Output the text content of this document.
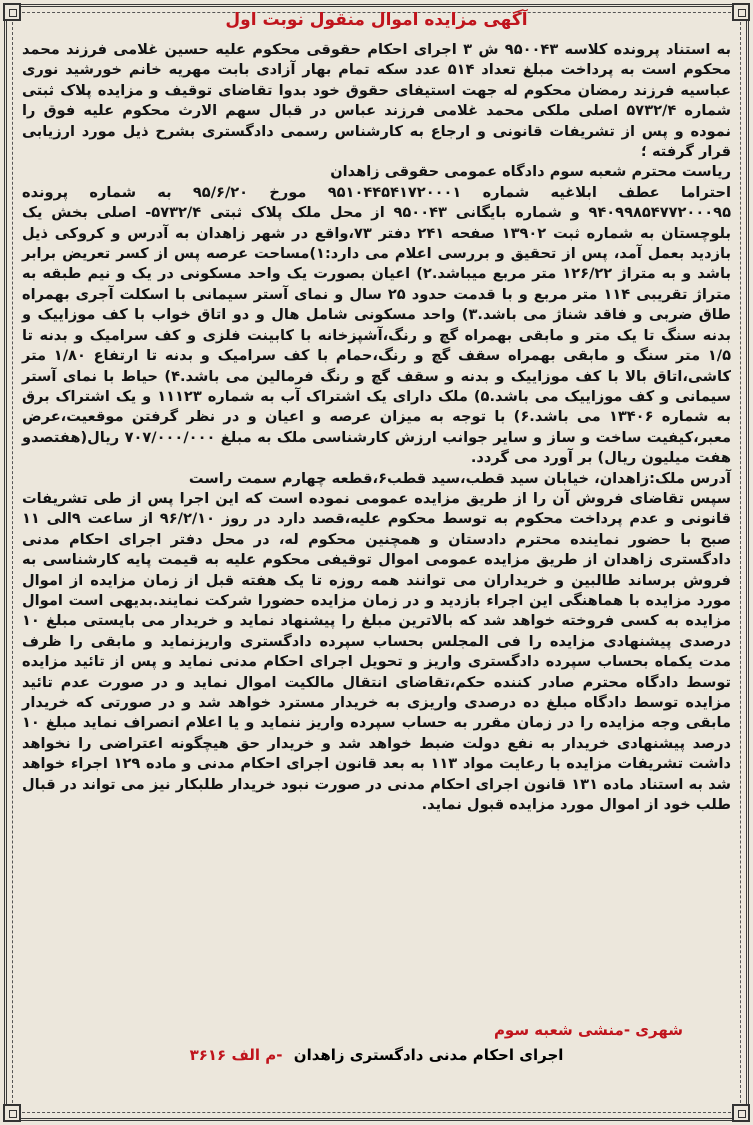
آگهی مزایده اموال منقول نوبت اول

به استناد پرونده کلاسه ۹۵۰۰۴۳ ش ۳ اجرای احکام حقوقی محکوم علیه حسین غلامی فرزند محمد محکوم است به پرداخت مبلغ تعداد ۵۱۴ عدد سکه تمام بهار آزادی بابت مهریه خانم خورشید نوری عباسیه فرزند رمضان محکوم له جهت استیفای حقوق خود بدوا تقاضای توقیف و مزایده پلاک ثبتی شماره ۵۷۳۲/۴ اصلی ملکی محمد غلامی فرزند عباس در قبال سهم الارث محکوم علیه فوق را نموده و پس از تشریفات قانونی و ارجاع به کارشناس رسمی دادگستری بشرح ذیل مورد ارزیابی قرار گرفته ؛

ریاست محترم شعبه سوم دادگاه عمومی حقوقی زاهدان

احتراما عطف ابلاغیه شماره ۹۵۱۰۴۴۵۴۱۷۲۰۰۰۱ مورخ ۹۵/۶/۲۰ به شماره پرونده ۹۴۰۹۹۸۵۴۷۷۲۰۰۰۹۵ و شماره بایگانی ۹۵۰۰۴۳ از محل ملک پلاک ثبتی ۵۷۳۲/۴- اصلی بخش یک بلوچستان به شماره ثبت ۱۳۹۰۲ صفحه ۲۴۱ دفتر ۷۳،واقع در شهر زاهدان به آدرس و کروکی ذیل بازدید بعمل آمد، پس از تحقیق و بررسی اعلام می دارد:۱)مساحت عرصه پس از کسر تعریض برابر باشد و به متراژ ۱۲۶/۲۲ متر مربع میباشد.۲) اعیان بصورت یک واحد مسکونی در یک و نیم طبقه به متراژ تقریبی ۱۱۴ متر مربع و با قدمت حدود ۲۵ سال و نمای آستر سیمانی با اسکلت آجری بهمراه طاق ضربی و فاقد شناژ می باشد.۳) واحد مسکونی شامل هال و دو اتاق خواب با کف موزاییک و بدنه سنگ تا یک متر و مابقی بهمراه گچ و رنگ،آشپزخانه با کابینت فلزی و کف سرامیک و بدنه تا ۱/۵ متر سنگ و مابقی بهمراه سقف گچ و رنگ،حمام با کف سرامیک و بدنه تا ارتفاع ۱/۸۰ متر کاشی،اتاق بالا با کف موزاییک و بدنه و سقف گچ و رنگ فرمالین می باشد.۴) حیاط با نمای آستر سیمانی و کف موزاییک می باشد.۵) ملک دارای یک اشتراک آب به شماره ۱۱۱۲۳ و یک اشتراک برق به شماره ۱۳۴۰۶ می باشد.۶) با توجه به میزان عرصه و اعیان و در نظر گرفتن موقعیت،عرض معبر،کیفیت ساخت و ساز و سایر جوانب ارزش کارشناسی ملک به مبلغ ۷۰۷/۰۰۰/۰۰۰ ریال(هفتصدو هفت میلیون ریال) بر آورد می گردد.

آدرس ملک:زاهدان، خیابان سید قطب،سید قطب۶،قطعه چهارم سمت راست

سپس تقاضای فروش آن را از طریق مزایده عمومی نموده است که این اجرا پس از طی تشریفات قانونی و عدم پرداخت محکوم به توسط محکوم علیه،قصد دارد در روز ۹۶/۲/۱۰ از ساعت ۹الی ۱۱ صبح با حضور نماینده محترم دادستان و همچنین محکوم له، در محل دفتر اجرای احکام مدنی دادگستری زاهدان از طریق مزایده عمومی اموال توقیفی محکوم علیه به قیمت پایه کارشناسی به فروش برساند طالبین و خریداران می توانند همه روزه تا یک هفته قبل از زمان مزایده از اموال مورد مزایده با هماهنگی این اجراء بازدید و در زمان مزایده حضورا شرکت نمایند.بدیهی است اموال مزایده به کسی فروخته خواهد شد که بالاترین مبلغ را پیشنهاد نماید و خریدار می بایستی مبلغ ۱۰ درصدی پیشنهادی مزایده را فی المجلس بحساب سپرده دادگستری واریزنماید و مابقی را ظرف مدت یکماه بحساب سپرده دادگستری واریز و تحویل اجرای احکام مدنی نماید و پس از تائید مزایده توسط دادگاه محترم صادر کننده حکم،تقاضای انتقال مالکیت اموال نماید و در صورت عدم تائید مزایده توسط دادگاه مبلغ ده درصدی واریزی به خریدار مسترد خواهد شد و در صورتی که خریدار مابقی وجه مزایده را در زمان مقرر به حساب سپرده واریز ننماید و یا اعلام انصراف نماید مبلغ ۱۰ درصد پیشنهادی خریدار به نفع دولت ضبط خواهد شد و خریدار حق هیچگونه اعتراضی را نخواهد داشت تشریفات مزایده با رعایت مواد ۱۱۳ به بعد قانون اجرای احکام مدنی و ماده ۱۲۹ اجراء خواهد شد به استناد ماده ۱۳۱ قانون اجرای احکام مدنی در صورت نبود خریدار طلبکار نیز می تواند در قبال طلب خود از اموال مورد مزایده قبول نماید.

شهری -منشی شعبه سوم
اجرای احکام مدنی دادگستری زاهدان -م الف ۳۶۱۶
